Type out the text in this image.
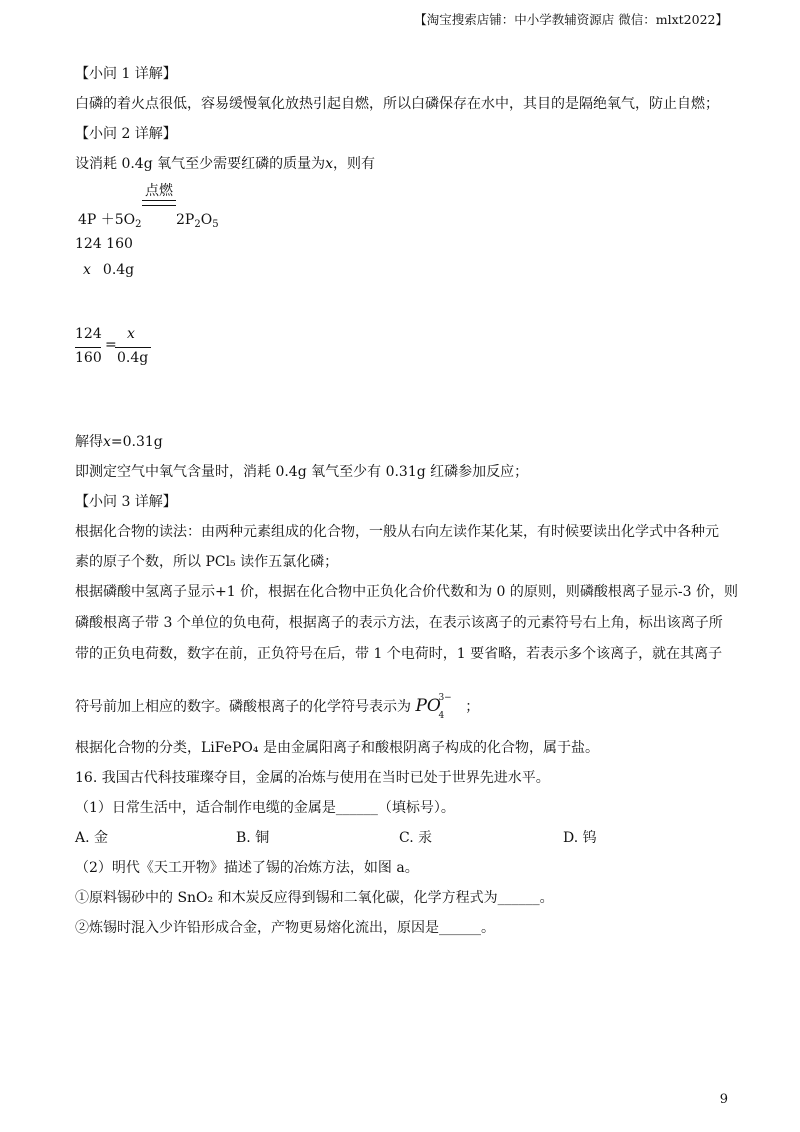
【淘宝搜索店铺：中小学教辅资源店 微信：mlxt2022】
【小问 1 详解】
白磷的着火点很低，容易缓慢氧化放热引起自燃，所以白磷保存在水中，其目的是隔绝氧气，防止自燃；
【小问 2 详解】
设消耗 0.4g 氧气至少需要红磷的质量为x，则有
点燃
$4P +5O_2$ $2P_2O_5$
124 160
x 0.4g
124
160
=
x
0.4g
解得x=0.31g
即测定空气中氧气含量时，消耗 0.4g 氧气至少有 0.31g 红磷参加反应；
【小问 3 详解】
根据化合物的读法：由两种元素组成的化合物，一般从右向左读作某化某，有时候要读出化学式中各种元
素的原子个数，所以 PCl₅ 读作五氯化磷；
根据磷酸中氢离子显示+1 价，根据在化合物中正负化合价代数和为 0 的原则，则磷酸根离子显示-3 价，则
磷酸根离子带 3 个单位的负电荷，根据离子的表示方法，在表示该离子的元素符号右上角，标出该离子所
带的正负电荷数，数字在前，正负符号在后，带 1 个电荷时，1 要省略，若表示多个该离子，就在其离子
符号前加上相应的数字。磷酸根离子的化学符号表示为 PO
3−
4
；
根据化合物的分类，LiFePO₄ 是由金属阳离子和酸根阴离子构成的化合物，属于盐。
16. 我国古代科技璀璨夺目，金属的冶炼与使用在当时已处于世界先进水平。
（1）日常生活中，适合制作电缆的金属是______（填标号）。
A. 金	B. 铜	C. 汞	D. 钨
（2）明代《天工开物》描述了锡的冶炼方法，如图 a。
①原料锡砂中的 SnO₂ 和木炭反应得到锡和二氧化碳，化学方程式为______。
②炼锡时混入少许铅形成合金，产物更易熔化流出，原因是______。
9
